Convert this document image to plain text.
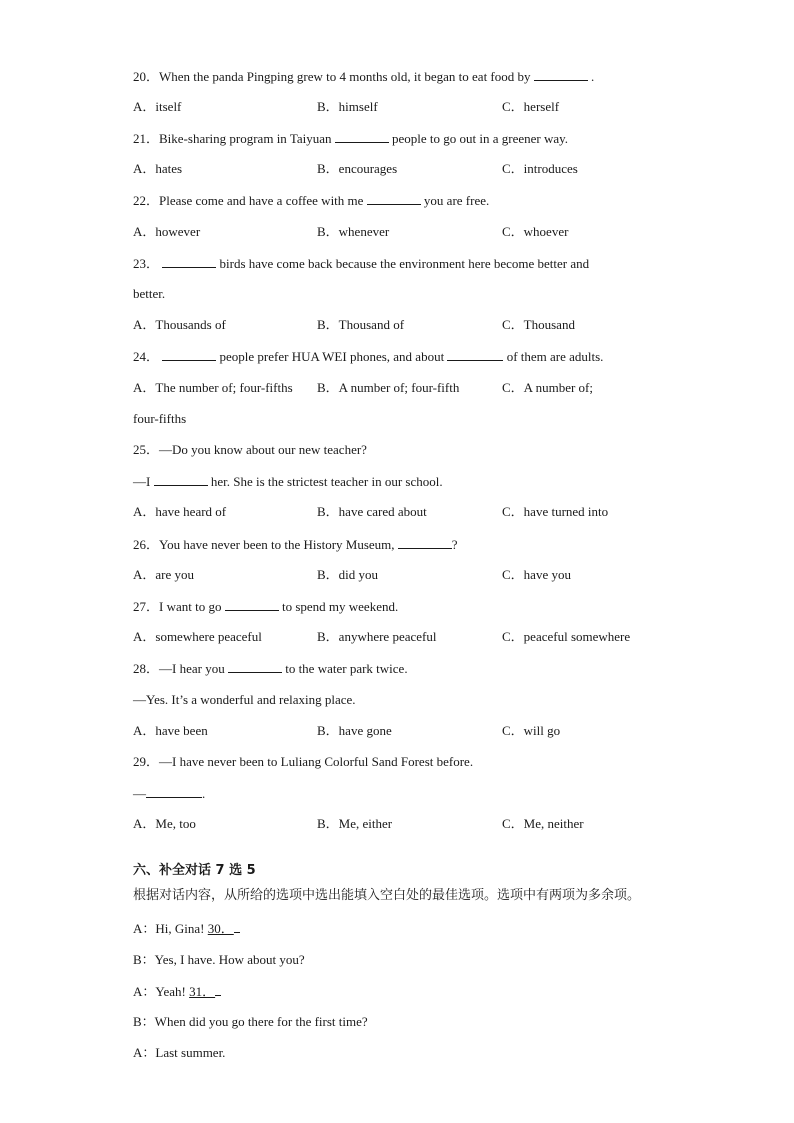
20．When the panda Pingping grew to 4 months old, it began to eat food by	.
A．itself	B．himself	C．herself
21．Bike-sharing program in Taiyuan	people to go out in a greener way.
A．hates	B．encourages	C．introduces
22．Please come and have a coffee with me	you are free.
A．however	B．whenever	C．whoever
23．	birds have come back because the environment here become better and
better.
A．Thousands of	B．Thousand of	C．Thousand
24．	people prefer HUA WEI phones, and about	of them are adults.
A．The number of; four-fifths B．A number of; four-fifth	C．A number of;
four-fifths
25．—Do you know about our new teacher?
—I	her. She is the strictest teacher in our school.
A．have heard of	B．have cared about	C．have turned into
26．You have never been to the History Museum,	?
A．are you	B．did you	C．have you
27．I want to go	to spend my weekend.
A．somewhere peaceful	B．anywhere peaceful	C．peaceful somewhere
28．—I hear you	to the water park twice.
—Yes. It’s a wonderful and relaxing place.
A．have been	B．have gone	C．will go
29．—I have never been to Luliang Colorful Sand Forest before.
—	.
A．Me, too	B．Me, either	C．Me, neither
六、补全对话 7 选 5
根据对话内容，从所给的选项中选出能填入空白处的最佳选项。选项中有两项为多余项。
A：Hi, Gina! 30．
B：Yes, I have. How about you?
A：Yeah! 31．
B：When did you go there for the first time?
A：Last summer.
